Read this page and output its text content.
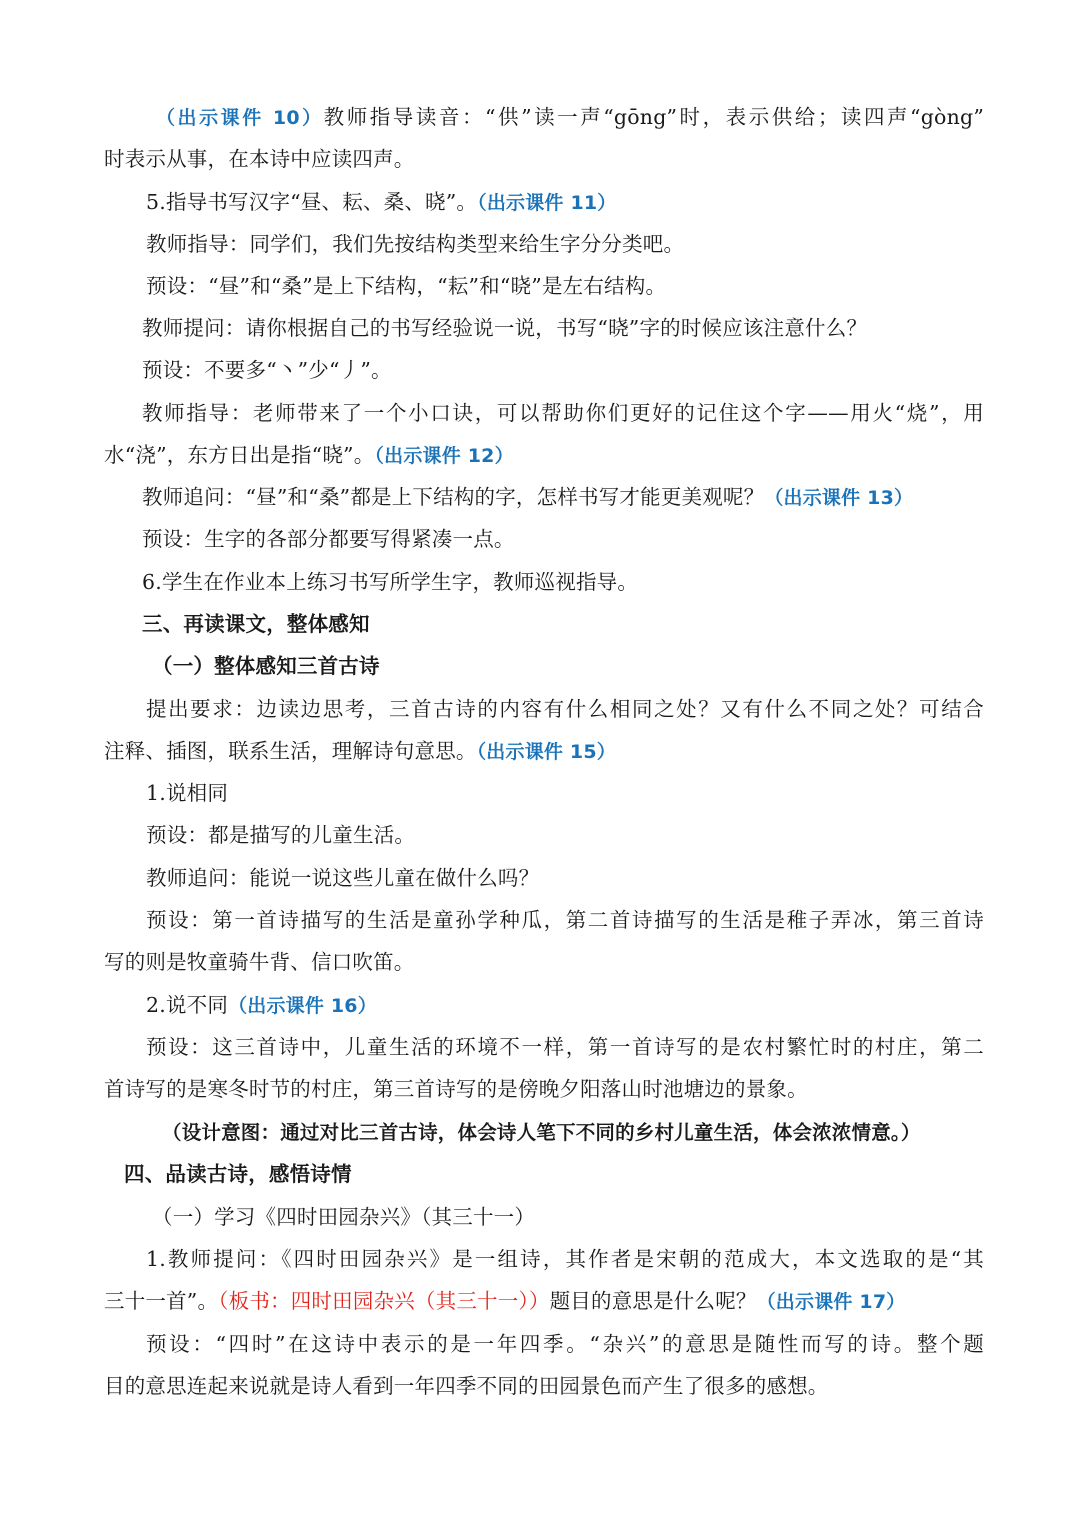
（出示课件 10）教师指导读音：“供”读一声“gōng”时，表示供给；读四声“gòng”
时表示从事，在本诗中应读四声。
5.指导书写汉字“昼、耘、桑、晓”。（出示课件 11）
教师指导：同学们，我们先按结构类型来给生字分分类吧。
预设：“昼”和“桑”是上下结构，“耘”和“晓”是左右结构。
教师提问：请你根据自己的书写经验说一说，书写“晓”字的时候应该注意什么？
预设：不要多“丶”少“丿”。
教师指导：老师带来了一个小口诀，可以帮助你们更好的记住这个字——用火“烧”，用
水“浇”，东方日出是指“晓”。（出示课件 12）
教师追问：“昼”和“桑”都是上下结构的字，怎样书写才能更美观呢？（出示课件 13）
预设：生字的各部分都要写得紧凑一点。
6.学生在作业本上练习书写所学生字，教师巡视指导。
三、再读课文，整体感知
（一）整体感知三首古诗
提出要求：边读边思考，三首古诗的内容有什么相同之处？又有什么不同之处？可结合
注释、插图，联系生活，理解诗句意思。（出示课件 15）
1.说相同
预设：都是描写的儿童生活。
教师追问：能说一说这些儿童在做什么吗？
预设：第一首诗描写的生活是童孙学种瓜，第二首诗描写的生活是稚子弄冰，第三首诗
写的则是牧童骑牛背、信口吹笛。
2.说不同（出示课件 16）
预设：这三首诗中，儿童生活的环境不一样，第一首诗写的是农村繁忙时的村庄，第二
首诗写的是寒冬时节的村庄，第三首诗写的是傍晚夕阳落山时池塘边的景象。
（设计意图：通过对比三首古诗，体会诗人笔下不同的乡村儿童生活，体会浓浓情意。）
四、品读古诗，感悟诗情
（一）学习《四时田园杂兴》（其三十一）
1.教师提问：《四时田园杂兴》是一组诗，其作者是宋朝的范成大，本文选取的是“其
三十一首”。（板书：四时田园杂兴（其三十一））题目的意思是什么呢？（出示课件 17）
预设：“四时”在这诗中表示的是一年四季。“杂兴”的意思是随性而写的诗。整个题
目的意思连起来说就是诗人看到一年四季不同的田园景色而产生了很多的感想。
